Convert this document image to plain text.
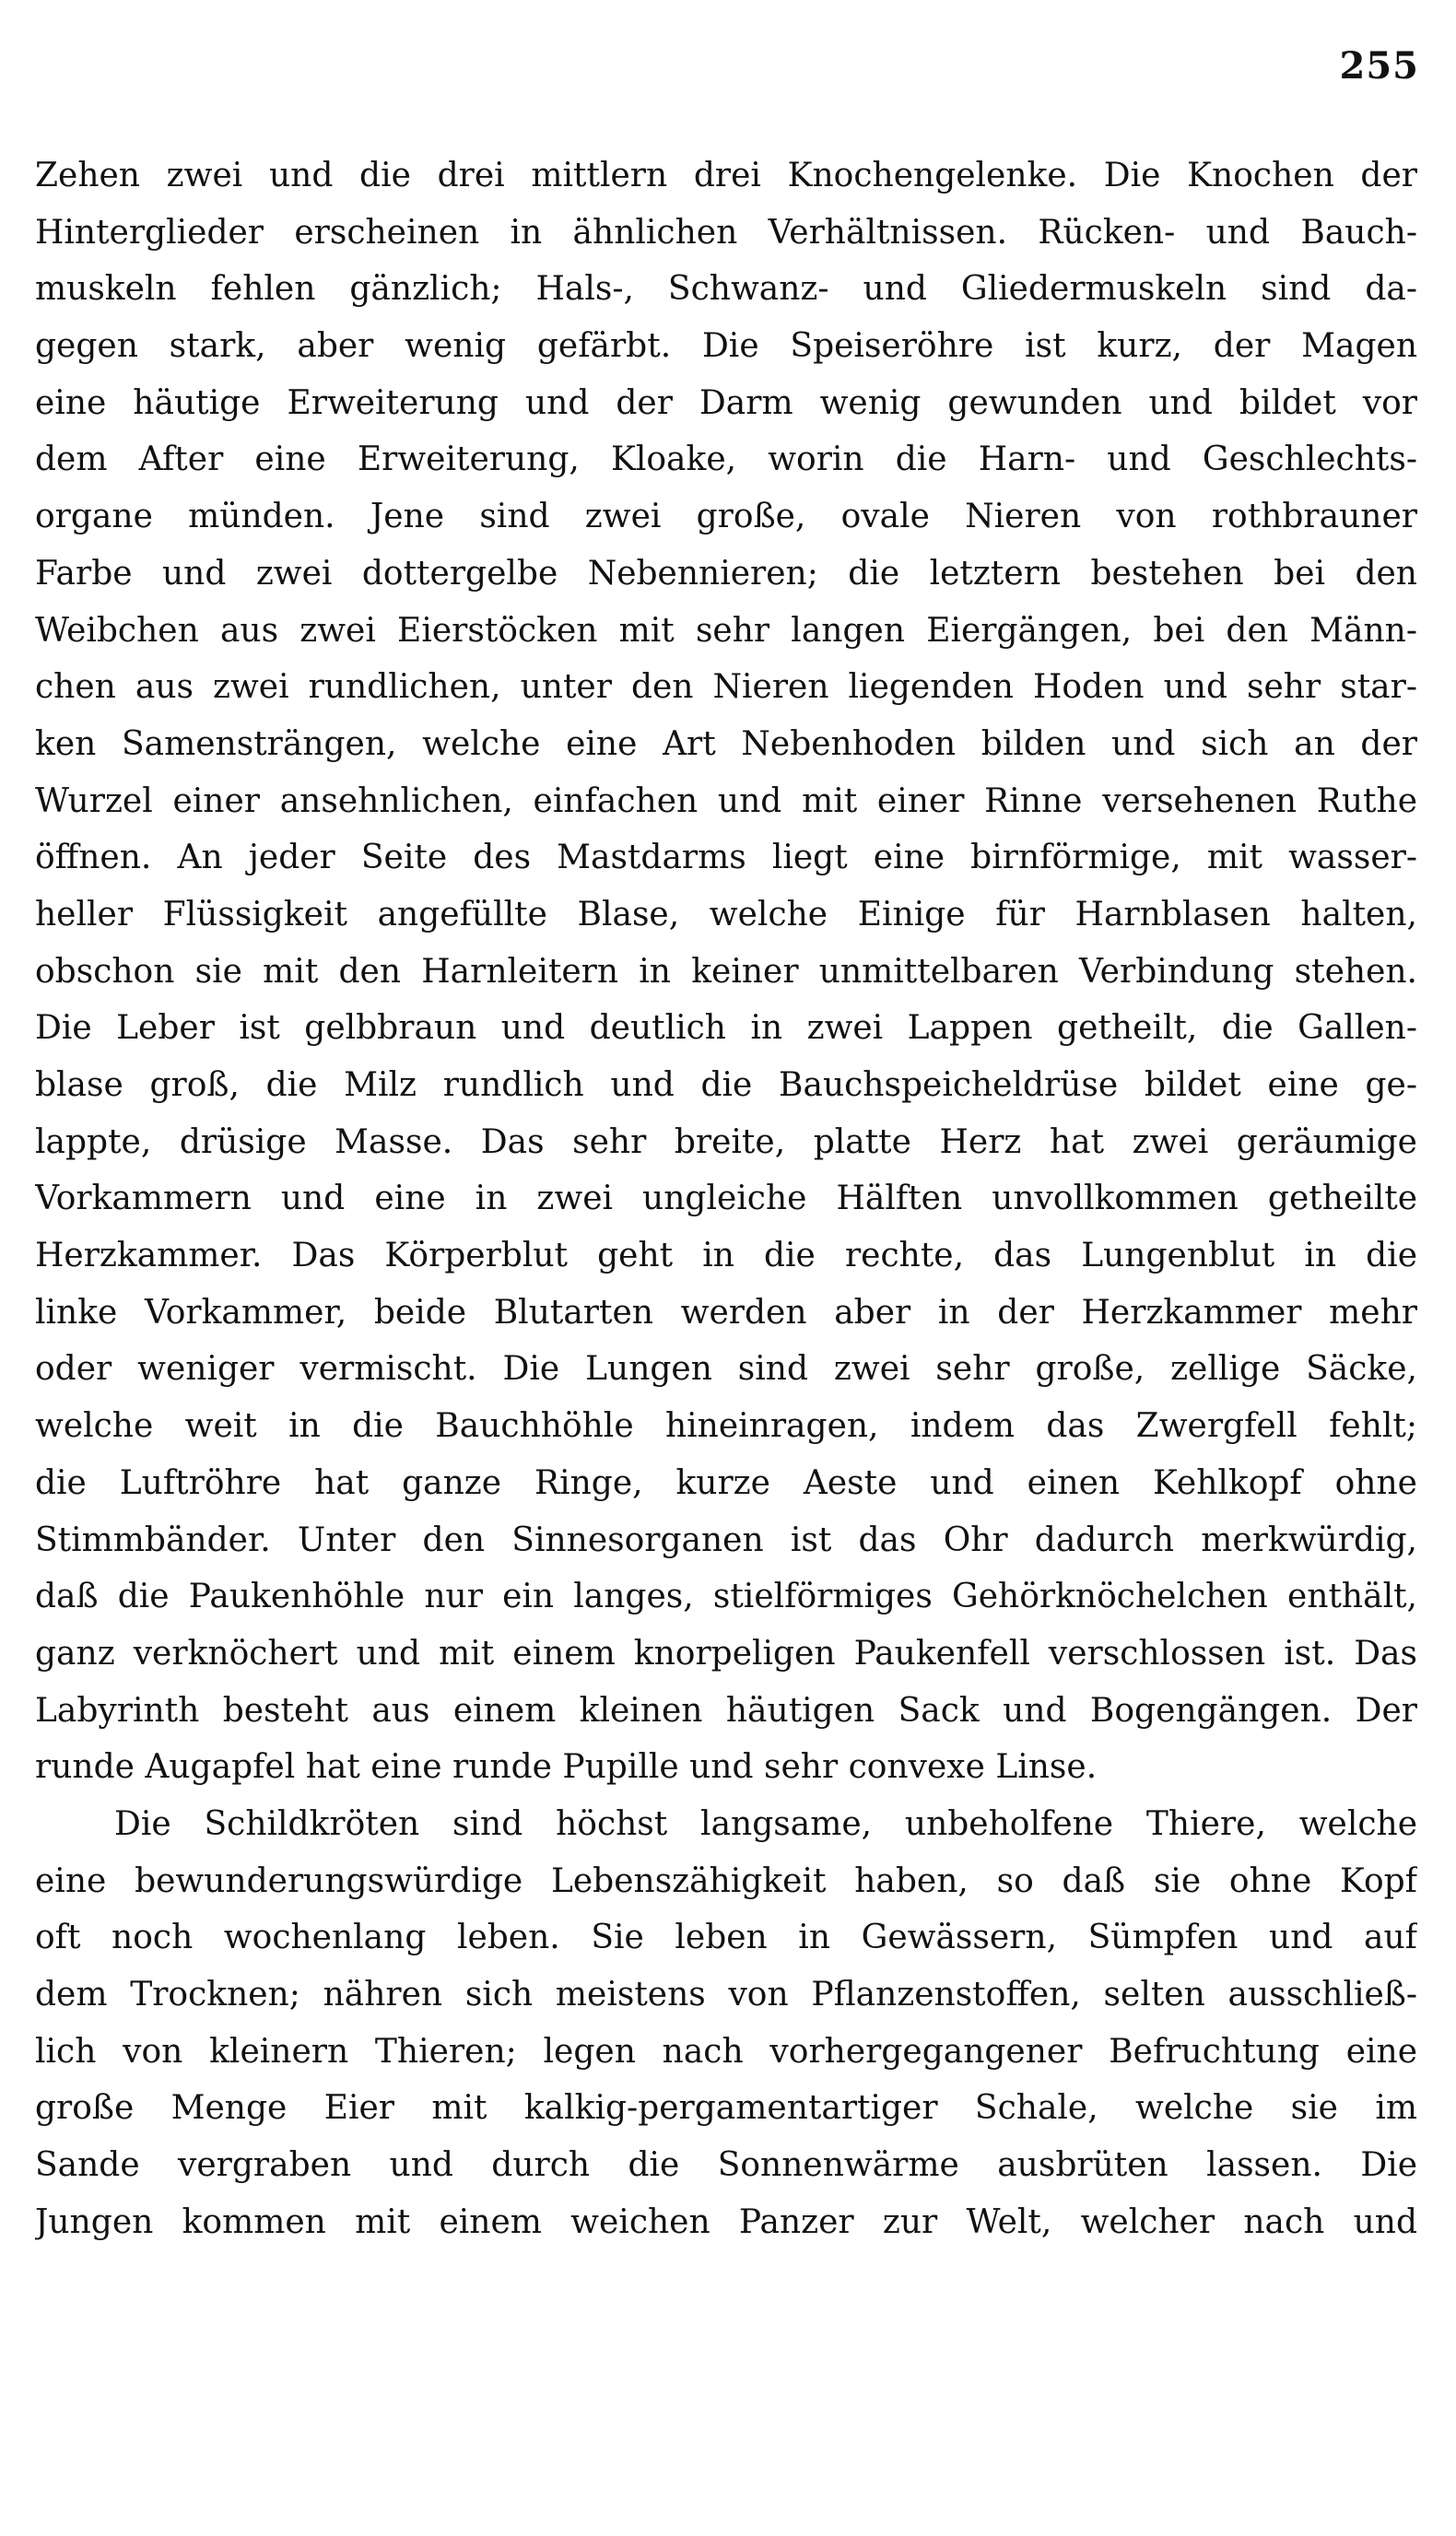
255
Zehen zwei und die drei mittlern drei Knochengelenke. Die Knochen der
Hinterglieder erscheinen in ähnlichen Verhältnissen. Rücken- und Bauch-
muskeln fehlen gänzlich; Hals-, Schwanz- und Gliedermuskeln sind da-
gegen stark, aber wenig gefärbt. Die Speiseröhre ist kurz, der Magen
eine häutige Erweiterung und der Darm wenig gewunden und bildet vor
dem After eine Erweiterung, Kloake, worin die Harn- und Geschlechts-
organe münden. Jene sind zwei große, ovale Nieren von rothbrauner
Farbe und zwei dottergelbe Nebennieren; die letztern bestehen bei den
Weibchen aus zwei Eierstöcken mit sehr langen Eiergängen, bei den Männ-
chen aus zwei rundlichen, unter den Nieren liegenden Hoden und sehr star-
ken Samensträngen, welche eine Art Nebenhoden bilden und sich an der
Wurzel einer ansehnlichen, einfachen und mit einer Rinne versehenen Ruthe
öffnen. An jeder Seite des Mastdarms liegt eine birnförmige, mit wasser-
heller Flüssigkeit angefüllte Blase, welche Einige für Harnblasen halten,
obschon sie mit den Harnleitern in keiner unmittelbaren Verbindung stehen.
Die Leber ist gelbbraun und deutlich in zwei Lappen getheilt, die Gallen-
blase groß, die Milz rundlich und die Bauchspeicheldrüse bildet eine ge-
lappte, drüsige Masse. Das sehr breite, platte Herz hat zwei geräumige
Vorkammern und eine in zwei ungleiche Hälften unvollkommen getheilte
Herzkammer. Das Körperblut geht in die rechte, das Lungenblut in die
linke Vorkammer, beide Blutarten werden aber in der Herzkammer mehr
oder weniger vermischt. Die Lungen sind zwei sehr große, zellige Säcke,
welche weit in die Bauchhöhle hineinragen, indem das Zwergfell fehlt;
die Luftröhre hat ganze Ringe, kurze Aeste und einen Kehlkopf ohne
Stimmbänder. Unter den Sinnesorganen ist das Ohr dadurch merkwürdig,
daß die Paukenhöhle nur ein langes, stielförmiges Gehörknöchelchen enthält,
ganz verknöchert und mit einem knorpeligen Paukenfell verschlossen ist. Das
Labyrinth besteht aus einem kleinen häutigen Sack und Bogengängen. Der
runde Augapfel hat eine runde Pupille und sehr convexe Linse.
Die Schildkröten sind höchst langsame, unbeholfene Thiere, welche
eine bewunderungswürdige Lebenszähigkeit haben, so daß sie ohne Kopf
oft noch wochenlang leben. Sie leben in Gewässern, Sümpfen und auf
dem Trocknen; nähren sich meistens von Pflanzenstoffen, selten ausschließ-
lich von kleinern Thieren; legen nach vorhergegangener Befruchtung eine
große Menge Eier mit kalkig-pergamentartiger Schale, welche sie im
Sande vergraben und durch die Sonnenwärme ausbrüten lassen. Die
Jungen kommen mit einem weichen Panzer zur Welt, welcher nach und
